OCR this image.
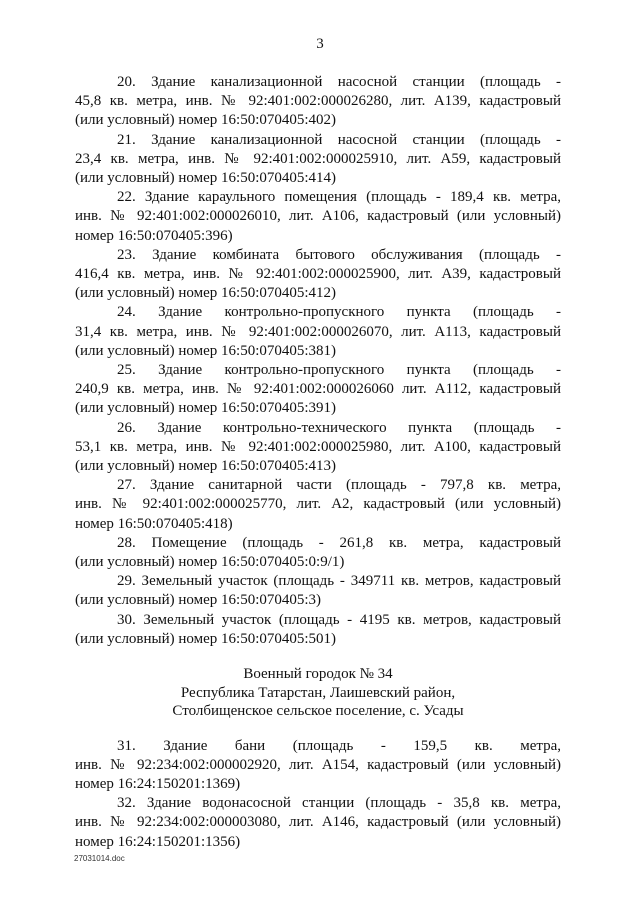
3
20. Здание канализационной насосной станции (площадь -
45,8 кв. метра, инв. № 92:401:002:000026280, лит. А139, кадастровый
(или условный) номер 16:50:070405:402)
21. Здание канализационной насосной станции (площадь -
23,4 кв. метра, инв. № 92:401:002:000025910, лит. А59, кадастровый
(или условный) номер 16:50:070405:414)
22. Здание караульного помещения (площадь - 189,4 кв. метра,
инв. № 92:401:002:000026010, лит. А106, кадастровый (или условный)
номер 16:50:070405:396)
23. Здание комбината бытового обслуживания (площадь -
416,4 кв. метра, инв. № 92:401:002:000025900, лит. А39, кадастровый
(или условный) номер 16:50:070405:412)
24. Здание контрольно-пропускного пункта (площадь -
31,4 кв. метра, инв. № 92:401:002:000026070, лит. А113, кадастровый
(или условный) номер 16:50:070405:381)
25. Здание контрольно-пропускного пункта (площадь -
240,9 кв. метра, инв. № 92:401:002:000026060 лит. А112, кадастровый
(или условный) номер 16:50:070405:391)
26. Здание контрольно-технического пункта (площадь -
53,1 кв. метра, инв. № 92:401:002:000025980, лит. А100, кадастровый
(или условный) номер 16:50:070405:413)
27. Здание санитарной части (площадь - 797,8 кв. метра,
инв. № 92:401:002:000025770, лит. А2, кадастровый (или условный)
номер 16:50:070405:418)
28. Помещение (площадь - 261,8 кв. метра, кадастровый
(или условный) номер 16:50:070405:0:9/1)
29. Земельный участок (площадь - 349711 кв. метров, кадастровый
(или условный) номер 16:50:070405:3)
30. Земельный участок (площадь - 4195 кв. метров, кадастровый
(или условный) номер 16:50:070405:501)
Военный городок № 34
Республика Татарстан, Лаишевский район,
Столбищенское сельское поселение, с. Усады
31. Здание бани (площадь - 159,5 кв. метра,
инв. № 92:234:002:000002920, лит. А154, кадастровый (или условный)
номер 16:24:150201:1369)
32. Здание водонасосной станции (площадь - 35,8 кв. метра,
инв. № 92:234:002:000003080, лит. А146, кадастровый (или условный)
номер 16:24:150201:1356)
27031014.doc
